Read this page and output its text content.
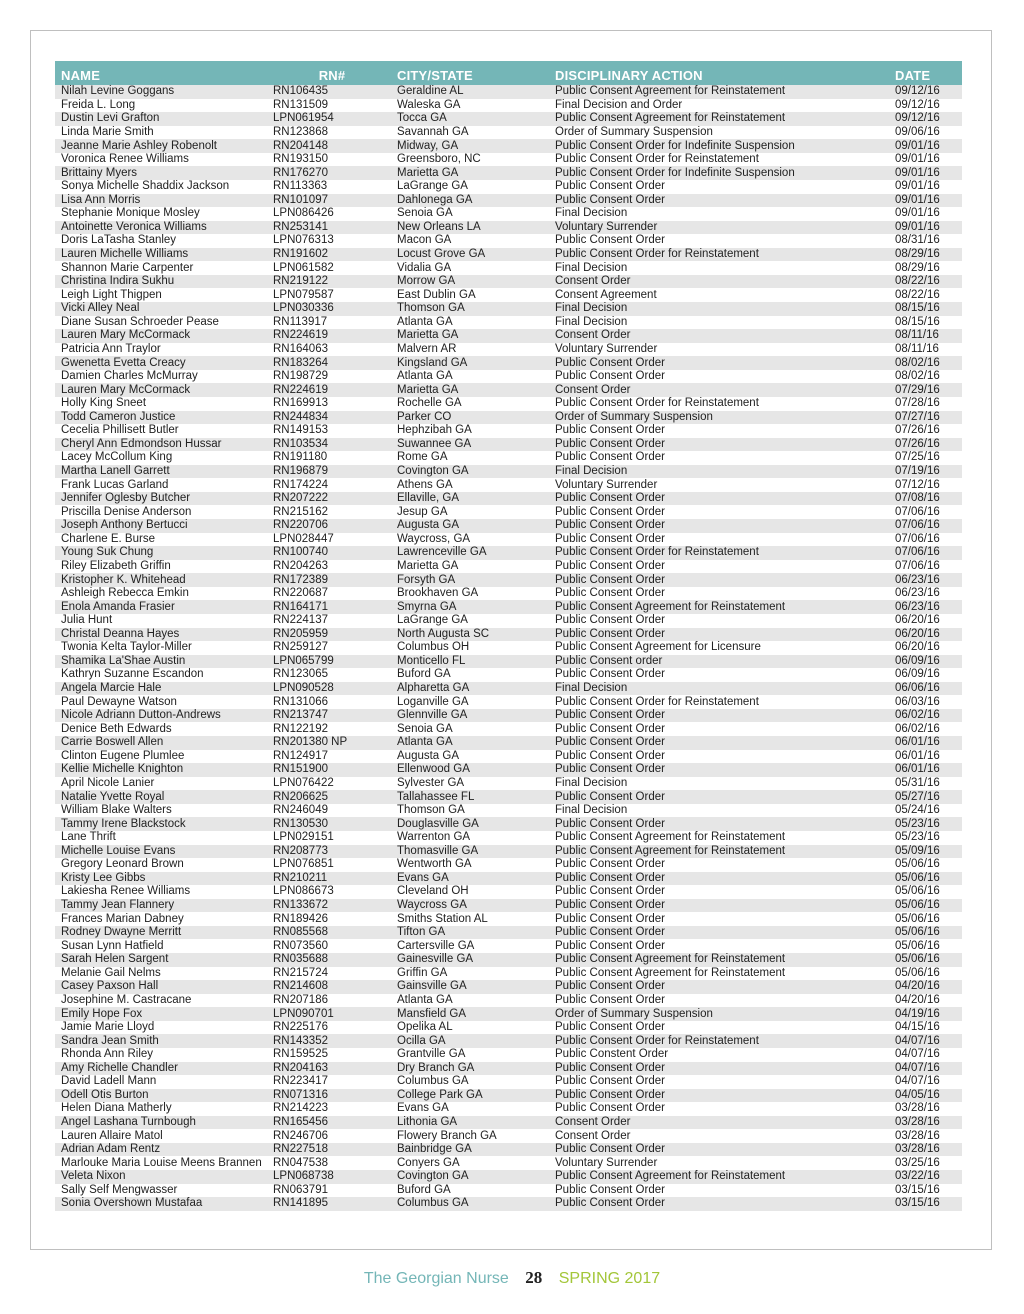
NAME	RN#	CITY/STATE	DISCIPLINARY ACTION	DATE
Nilah Levine Goggans	RN106435	Geraldine AL	Public Consent Agreement for Reinstatement	09/12/16
Freida L. Long	RN131509	Waleska GA	Final Decision and Order	09/12/16
Dustin Levi Grafton	LPN061954	Tocca GA	Public Consent Agreement for Reinstatement	09/12/16
Linda Marie Smith	RN123868	Savannah GA	Order of Summary Suspension	09/06/16
Jeanne Marie Ashley Robenolt	RN204148	Midway, GA	Public Consent Order for Indefinite Suspension	09/01/16
Voronica Renee Williams	RN193150	Greensboro, NC	Public Consent Order for Reinstatement	09/01/16
Brittainy Myers	RN176270	Marietta GA	Public Consent Order for Indefinite Suspension	09/01/16
Sonya Michelle Shaddix Jackson	RN113363	LaGrange GA	Public Consent Order	09/01/16
Lisa Ann Morris	RN101097	Dahlonega GA	Public Consent Order	09/01/16
Stephanie Monique Mosley	LPN086426	Senoia GA	Final Decision	09/01/16
Antoinette Veronica Williams	RN253141	New Orleans LA	Voluntary Surrender	09/01/16
Doris LaTasha Stanley	LPN076313	Macon GA	Public Consent Order	08/31/16
Lauren Michelle Williams	RN191602	Locust Grove GA	Public Consent Order for Reinstatement	08/29/16
Shannon Marie Carpenter	LPN061582	Vidalia GA	Final Decision	08/29/16
Christina Indira Sukhu	RN219122	Morrow GA	Consent Order	08/22/16
Leigh Light Thigpen	LPN079587	East Dublin GA	Consent Agreement	08/22/16
Vicki Alley Neal	LPN030336	Thomson GA	Final Decision	08/15/16
Diane Susan Schroeder Pease	RN113917	Atlanta GA	Final Decision	08/15/16
Lauren Mary McCormack	RN224619	Marietta GA	Consent Order	08/11/16
Patricia Ann Traylor	RN164063	Malvern AR	Voluntary Surrender	08/11/16
Gwenetta Evetta Creacy	RN183264	Kingsland GA	Public Consent Order	08/02/16
Damien Charles McMurray	RN198729	Atlanta GA	Public Consent Order	08/02/16
Lauren Mary McCormack	RN224619	Marietta GA	Consent Order	07/29/16
Holly King Sneet	RN169913	Rochelle GA	Public Consent Order for Reinstatement	07/28/16
Todd Cameron Justice	RN244834	Parker CO	Order of Summary Suspension	07/27/16
Cecelia Phillisett Butler	RN149153	Hephzibah GA	Public Consent Order	07/26/16
Cheryl Ann Edmondson Hussar	RN103534	Suwannee GA	Public Consent Order	07/26/16
Lacey McCollum King	RN191180	Rome GA	Public Consent Order	07/25/16
Martha Lanell Garrett	RN196879	Covington GA	Final Decision	07/19/16
Frank Lucas Garland	RN174224	Athens GA	Voluntary Surrender	07/12/16
Jennifer Oglesby Butcher	RN207222	Ellaville, GA	Public Consent Order	07/08/16
Priscilla Denise Anderson	RN215162	Jesup GA	Public Consent Order	07/06/16
Joseph Anthony Bertucci	RN220706	Augusta GA	Public Consent Order	07/06/16
Charlene E. Burse	LPN028447	Waycross, GA	Public Consent Order	07/06/16
Young Suk Chung	RN100740	Lawrenceville GA	Public Consent Order for Reinstatement	07/06/16
Riley Elizabeth Griffin	RN204263	Marietta GA	Public Consent Order	07/06/16
Kristopher K. Whitehead	RN172389	Forsyth GA	Public Consent Order	06/23/16
Ashleigh Rebecca Emkin	RN220687	Brookhaven GA	Public Consent Order	06/23/16
Enola Amanda Frasier	RN164171	Smyrna GA	Public Consent Agreement for Reinstatement	06/23/16
Julia Hunt	RN224137	LaGrange GA	Public Consent Order	06/20/16
Christal Deanna Hayes	RN205959	North Augusta SC	Public Consent Order	06/20/16
Twonia Kelta Taylor-Miller	RN259127	Columbus OH	Public Consent Agreement for Licensure	06/20/16
Shamika La'Shae Austin	LPN065799	Monticello FL	Public Consent order	06/09/16
Kathryn Suzanne Escandon	RN123065	Buford GA	Public Consent Order	06/09/16
Angela Marcie Hale	LPN090528	Alpharetta GA	Final Decision	06/06/16
Paul Dewayne Watson	RN131066	Loganville GA	Public Consent Order for Reinstatement	06/03/16
Nicole Adriann Dutton-Andrews	RN213747	Glennville GA	Public Consent Order	06/02/16
Denice Beth Edwards	RN122192	Senoia GA	Public Consent Order	06/02/16
Carrie Boswell Allen	RN201380 NP	Atlanta GA	Public Consent Order	06/01/16
Clinton Eugene Plumlee	RN124917	Augusta GA	Public Consent Order	06/01/16
Kellie Michelle Knighton	RN151900	Ellenwood GA	Public Consent Order	06/01/16
April Nicole Lanier	LPN076422	Sylvester GA	Final Decision	05/31/16
Natalie Yvette Royal	RN206625	Tallahassee FL	Public Consent Order	05/27/16
William Blake Walters	RN246049	Thomson GA	Final Decision	05/24/16
Tammy Irene Blackstock	RN130530	Douglasville GA	Public Consent Order	05/23/16
Lane Thrift	LPN029151	Warrenton GA	Public Consent Agreement for Reinstatement	05/23/16
Michelle Louise Evans	RN208773	Thomasville GA	Public Consent Agreement for Reinstatement	05/09/16
Gregory Leonard Brown	LPN076851	Wentworth GA	Public Consent Order	05/06/16
Kristy Lee Gibbs	RN210211	Evans GA	Public Consent Order	05/06/16
Lakiesha Renee Williams	LPN086673	Cleveland OH	Public Consent Order	05/06/16
Tammy Jean Flannery	RN133672	Waycross GA	Public Consent Order	05/06/16
Frances Marian Dabney	RN189426	Smiths Station AL	Public Consent Order	05/06/16
Rodney Dwayne Merritt	RN085568	Tifton GA	Public Consent Order	05/06/16
Susan Lynn Hatfield	RN073560	Cartersville GA	Public Consent Order	05/06/16
Sarah Helen Sargent	RN035688	Gainesville GA	Public Consent Agreement for Reinstatement	05/06/16
Melanie Gail Nelms	RN215724	Griffin GA	Public Consent Agreement for Reinstatement	05/06/16
Casey Paxson Hall	RN214608	Gainsville GA	Public Consent Order	04/20/16
Josephine M. Castracane	RN207186	Atlanta GA	Public Consent Order	04/20/16
Emily Hope Fox	LPN090701	Mansfield GA	Order of Summary Suspension	04/19/16
Jamie Marie Lloyd	RN225176	Opelika AL	Public Consent Order	04/15/16
Sandra Jean Smith	RN143352	Ocilla GA	Public Consent Order for Reinstatement	04/07/16
Rhonda Ann Riley	RN159525	Grantville GA	Public Constent Order	04/07/16
Amy Richelle Chandler	RN204163	Dry Branch GA	Public Consent Order	04/07/16
David Ladell Mann	RN223417	Columbus GA	Public Consent Order	04/07/16
Odell Otis Burton	RN071316	College Park GA	Public Consent Order	04/05/16
Helen Diana Matherly	RN214223	Evans GA	Public Consent Order	03/28/16
Angel Lashana Turnbough	RN165456	Lithonia GA	Consent Order	03/28/16
Lauren Allaire Matol	RN246706	Flowery Branch GA	Consent Order	03/28/16
Adrian Adam Rentz	RN227518	Bainbridge GA	Public Consent Order	03/28/16
Marlouke Maria Louise Meens Brannen	RN047538	Conyers GA	Voluntary Surrender	03/25/16
Veleta Nixon	LPN068738	Covington GA	Public Consent Agreement for Reinstatement	03/22/16
Sally Self Mengwasser	RN063791	Buford GA	Public Consent Order	03/15/16
Sonia Overshown Mustafaa	RN141895	Columbus GA	Public Consent Order	03/15/16
The Georgian Nurse 28 SPRING 2017
